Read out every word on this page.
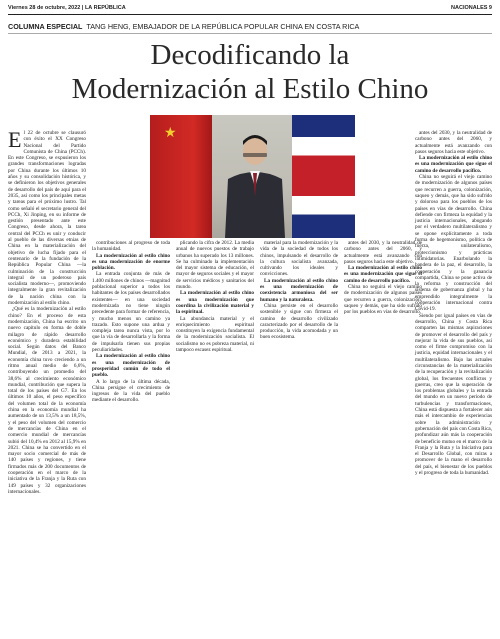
Viernes 28 de octubre, 2022 | LA REPÚBLICA	NACIONALES 9
COLUMNA ESPECIAL TANG HENG, EMBAJADOR DE LA REPÚBLICA POPULAR CHINA EN COSTA RICA
Decodificando la
Modernización al Estilo Chino
★

El 22 de octubre se clausuró con éxito el XX Congreso Nacional del Partido Comunista de China (PCCh). En este Congreso, se expusieron los grandes transformaciones logradas por China durante los últimos 10 años y su consolidación histórica, y se definieron los objetivos generales de desarrollo del país de aquí para el 2035, así como los principales metas y tareas para el próximo lustro. Tal como señaló el secretario general del PCCh, Xi Jinping, en su informe de gestión presentado ante este Congreso, desde ahora, la tarea central del PCCh es unir y conducir al pueblo de las diversas etnias de China en la materialización del objetivo de lucha fijado para el centenario de la fundación de la República Popular China —la culminación de la construcción integral de un poderoso país socialista moderno—, promoviendo integralmente la gran revitalización de la nación china con la modernización al estilo chino.

¿Qué es la modernización al estilo chino? En el proceso de esta modernización, China ha escrito un nuevo capítulo en forma de doble milagro de rápido desarrollo económico y duradera estabilidad social. Según datos del Banco Mundial, de 2013 a 2021, la economía china tuvo creciendo a un ritmo anual medio de 6,6%, contribuyendo un promedio del 38,6% al crecimiento económico mundial, contribución que supera la total de los países del G7. En los últimos 10 años, el peso específico del volumen total de la economía china en la economía mundial ha aumentado de un 13,5% a un 18,5%, y el peso del volumen del comercio de mercancías de China en el comercio mundial de mercancías subió del 10,4% en 2012 al 15,9% en 2021. China se ha convertido en el mayor socio comercial de más de 140 países y regiones, y tiene firmados más de 200 documentos de cooperación en el marco de la iniciativa de la Franja y la Ruta con 149 países y 32 organizaciones internacionales.

contribuciones al progreso de toda la humanidad.

La modernización al estilo chino es una modernización de enorme población.

La entrada conjunta de más de 1.400 millones de chinos —magnitud poblacional superior a todos los habitantes de los países desarrollados existentes— en una sociedad modernizada no tiene ningún precedente para formar de referencia, y mucho menos un camino ya trazado. Esto supone una ardua y compleja tarea nunca vista, por lo que la vía de desarrollarla y la forma de impulsarla tienen sus propias peculiaridades.

La modernización al estilo chino es una modernización de prosperidad común de todo el pueblo.

A lo largo de la última década, China persigue el crecimiento de ingresos de la vida del pueblo mediante el desarrollo.

plicando la cifra de 2012. La media anual de nuevos puestos de trabajo urbanos ha superado los 13 millones. Se ha culminado la implementación del mayor sistema de educación, el mayor de seguros sociales y el mayor de servicios médicos y sanitarios del mundo.

La modernización al estilo chino es una modernización que coordina la civilización material y la espiritual.

La abundancia material y el enriquecimiento espiritual constituyen la exigencia fundamental de la modernización socialista. El socialismo no es pobreza material, ni tampoco escasez espiritual.

material para la modernización y la vida de la sociedad de todos los chinos, impulsando el desarrollo de la cultura socialista avanzada, cultivando los ideales y convicciones.

La modernización al estilo chino es una modernización de coexistencia armoniosa del ser humano y la naturaleza.

China persiste en el desarrollo sostenible y sigue con firmeza el camino de desarrollo civilizado caracterizado por el desarrollo de la producción, la vida acomodada y un buen ecosistema.

antes del 2030, y la neutralidad de carbono antes del 2060, y actualmente está avanzando con pasos seguros hacia este objetivo.

La modernización al estilo chino es una modernización que sigue el camino de desarrollo pacífico.

China no seguirá el viejo camino de modernización de algunos países que recurren a guerra, colonización, saqueo y demás, que ha sido sufrido por los pueblos en vías de desarrollo.

antes del 2030, y la neutralidad de carbono antes del 2060, y actualmente está avanzando con pasos seguros hacia este objetivo.

La modernización al estilo chino es una modernización que sigue el camino de desarrollo pacífico.

China no seguirá el viejo camino de modernización de algunos países que recurren a guerra, colonización, saqueo y demás, que ha sido sufrido y doloroso para los pueblos de los países en vías de desarrollo. China defiende con firmeza la equidad y la justicia internacionales, abogando por el verdadero multilateralismo y se opone explícitamente a toda forma de hegemonismo, política de fuerza, unilateralismo, proteccionismo y prácticas intimidatorias. Enarbolando la bandera de la paz, el desarrollo, la cooperación y la ganancia compartida, China se pone activa de la reforma y construcción del sistema de gobernanza global y ha emprendido integralmente la cooperación internacional contra Covid-19.

Siendo por igual países en vías de desarrollo, China y Costa Rica comparten las mismas aspiraciones de promover el desarrollo del país y mejorar la vida de sus pueblos, así como el firme compromiso con la justicia, equidad internacionales y el multilateralismo. Bajo las actuales circunstancias de la materialización de la recuperación y la revitalización global, los frecuentes conflictos y guerras, creo que la superación de los problemas globales y la entrada del mundo en un nuevo período de turbulencias y transformaciones, China está dispuesta a fortalecer aún más el intercambio de experiencias sobre la administración y gobernación del país con Costa Rica, profundizar aún más la cooperación de beneficio mutuo en el marco de la Franja y la Ruta y la Iniciativa para el Desarrollo Global, con miras a promover de la mano el desarrollo del país, el bienestar de los pueblos y el progreso de toda la humanidad.
